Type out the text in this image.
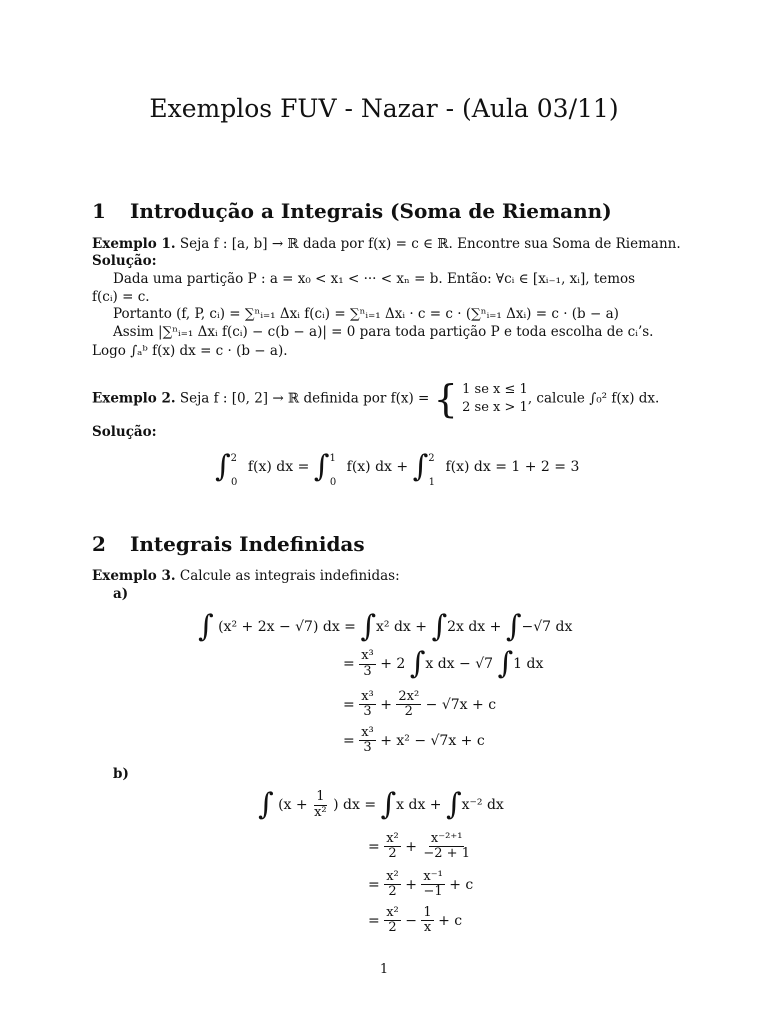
Exemplos FUV - Nazar - (Aula 03/11)
1 Introdução a Integrais (Soma de Riemann)
Exemplo 1. Seja f : [a, b] → ℝ dada por f(x) = c ∈ ℝ. Encontre sua Soma de Riemann.
Solução:
Dada uma partição P : a = x₀ < x₁ < ··· < xₙ = b. Então: ∀cᵢ ∈ [xᵢ₋₁, xᵢ], temos
f(cᵢ) = c.
Portanto (f, P, cᵢ) = ∑ⁿᵢ₌₁ Δxᵢ f(cᵢ) = ∑ⁿᵢ₌₁ Δxᵢ · c = c · (∑ⁿᵢ₌₁ Δxᵢ) = c · (b − a)
Assim |∑ⁿᵢ₌₁ Δxᵢ f(cᵢ) − c(b − a)| = 0 para toda partição P e toda escolha de cᵢ’s.
Logo ∫ₐᵇ f(x) dx = c · (b − a).
Exemplo 2. Seja f : [0, 2] → ℝ definida por f(x) = { 1 se x ≤ 1
2 se x > 1
, calcule ∫₀² f(x) dx.
Solução:
∫20 f(x) dx = ∫10 f(x) dx + ∫21 f(x) dx = 1 + 2 = 3
2 Integrais Indefinidas
Exemplo 3. Calcule as integrais indefinidas:
a)
∫ (x² + 2x − √7) dx = ∫x² dx + ∫2x dx + ∫−√7 dx
= $\frac{\text{x³}}{3} + 2$ ∫x dx − √7 ∫1 dx
= $\frac{\text{x³}}{3} + \frac{\text{2x²}}{2} - √7x + c$
= $\frac{\text{x³}}{3} + x^2 - √7x + c$
b)
∫ ($x + \frac{1}{\text{x²}}$ ) dx = ∫x dx + ∫x⁻² dx
= $\frac{\text{x²}}{2} + \frac{\text{x⁻²⁺¹}}{-2 + 1}$
= $\frac{\text{x²}}{2} + \frac{\text{x⁻¹}}{-1} + c$
= $\frac{\text{x²}}{2} - \frac{1}{x} + c$
1
